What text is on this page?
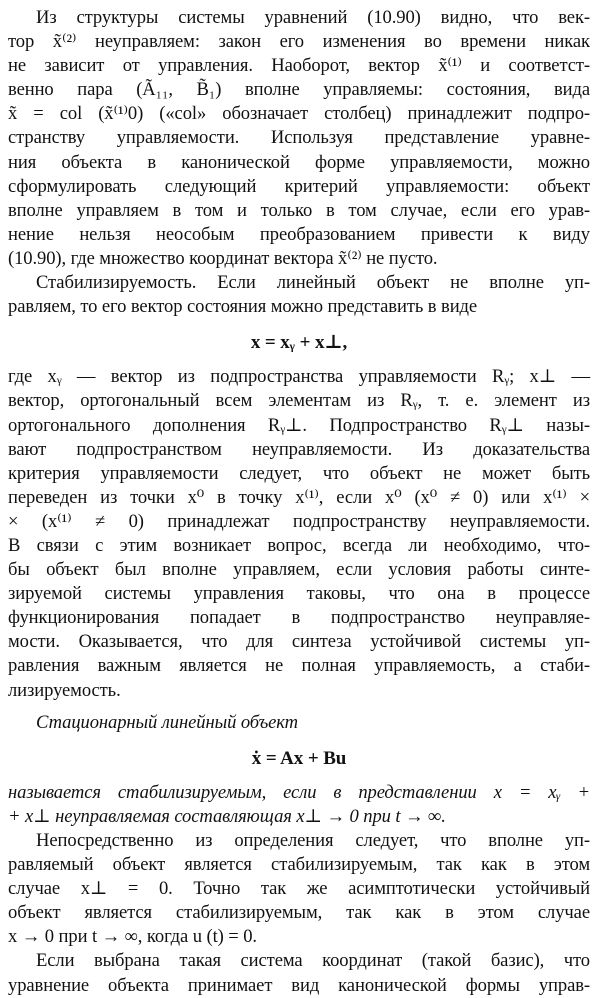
Из структуры системы уравнений (10.90) видно, что век-

тор x̃⁽²⁾ неуправляем: закон его изменения во времени никак

не зависит от управления. Наоборот, вектор x̃⁽¹⁾ и соответст-

венно пара (Ã₁₁, B̃₁) вполне управляемы: состояния, вида

x̃ = col (x̃⁽¹⁾0) («col» обозначает столбец) принадлежит подпро-

странству управляемости. Используя представление уравне-

ния объекта в канонической форме управляемости, можно

сформулировать следующий критерий управляемости: объект

вполне управляем в том и только в том случае, если его урав-

нение нельзя неособым преобразованием привести к виду

(10.90), где множество координат вектора x̃⁽²⁾ не пусто.

Стабилизируемость. Если линейный объект не вполне уп-

равляем, то его вектор состояния можно представить в виде

x = xᵧ + x⊥,

где xᵧ — вектор из подпространства управляемости Rᵧ; x⊥ —

вектор, ортогональный всем элементам из Rᵧ, т. е. элемент из

ортогонального дополнения Rᵧ⊥. Подпространство Rᵧ⊥ назы-

вают подпространством неуправляемости. Из доказательства

критерия управляемости следует, что объект не может быть

переведен из точки x⁰ в точку x⁽¹⁾, если x⁰ (x⁰ ≠ 0) или x⁽¹⁾ ×

× (x⁽¹⁾ ≠ 0) принадлежат подпространству неуправляемости.

В связи с этим возникает вопрос, всегда ли необходимо, что-

бы объект был вполне управляем, если условия работы синте-

зируемой системы управления таковы, что она в процессе

функционирования попадает в подпространство неуправляе-

мости. Оказывается, что для синтеза устойчивой системы уп-

равления важным является не полная управляемость, а стаби-

лизируемость.

Стационарный линейный объект

ẋ = Ax + Bu

называется стабилизируемым, если в представлении x = xᵧ +

+ x⊥ неуправляемая составляющая x⊥ → 0 при t → ∞.

Непосредственно из определения следует, что вполне уп-

равляемый объект является стабилизируемым, так как в этом

случае x⊥ = 0. Точно так же асимптотически устойчивый

объект является стабилизируемым, так как в этом случае

x → 0 при t → ∞, когда u (t) = 0.

Если выбрана такая система координат (такой базис), что

уравнение объекта принимает вид канонической формы управ-
